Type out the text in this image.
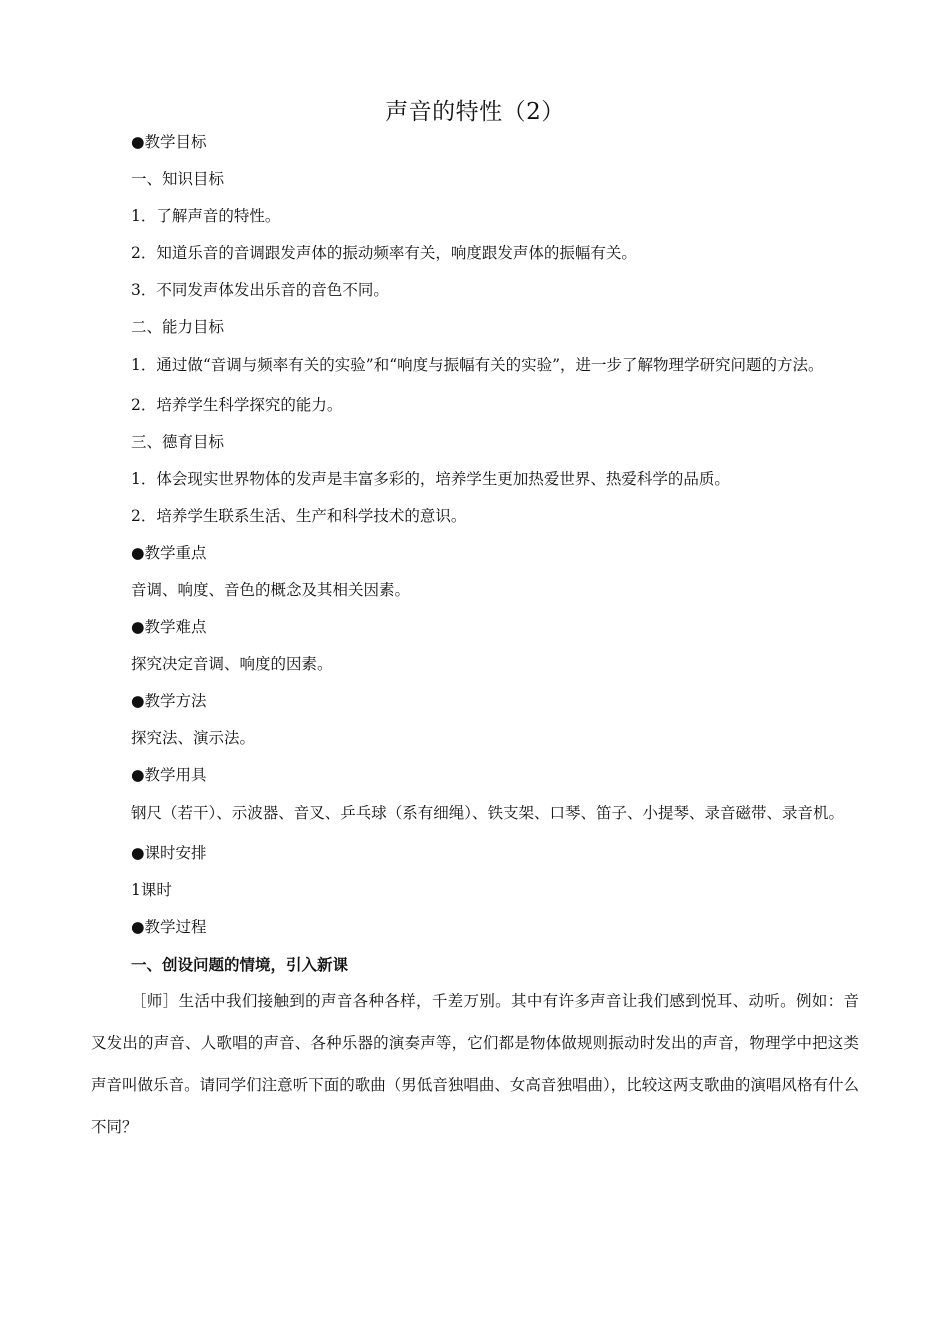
声音的特性（2）
●教学目标
一、知识目标
1．了解声音的特性。
2．知道乐音的音调跟发声体的振动频率有关，响度跟发声体的振幅有关。
3．不同发声体发出乐音的音色不同。
二、能力目标
1．通过做“音调与频率有关的实验”和“响度与振幅有关的实验”，进一步了解物理学研究问题的方法。
2．培养学生科学探究的能力。
三、德育目标
1．体会现实世界物体的发声是丰富多彩的，培养学生更加热爱世界、热爱科学的品质。
2．培养学生联系生活、生产和科学技术的意识。
●教学重点
音调、响度、音色的概念及其相关因素。
●教学难点
探究决定音调、响度的因素。
●教学方法
探究法、演示法。
●教学用具
钢尺（若干）、示波器、音叉、乒乓球（系有细绳）、铁支架、口琴、笛子、小提琴、录音磁带、录音机。
●课时安排
1课时
●教学过程
一、创设问题的情境，引入新课
［师］生活中我们接触到的声音各种各样，千差万别。其中有许多声音让我们感到悦耳、动听。例如：音叉发出的声音、人歌唱的声音、各种乐器的演奏声等，它们都是物体做规则振动时发出的声音，物理学中把这类声音叫做乐音。请同学们注意听下面的歌曲（男低音独唱曲、女高音独唱曲），比较这两支歌曲的演唱风格有什么不同？
